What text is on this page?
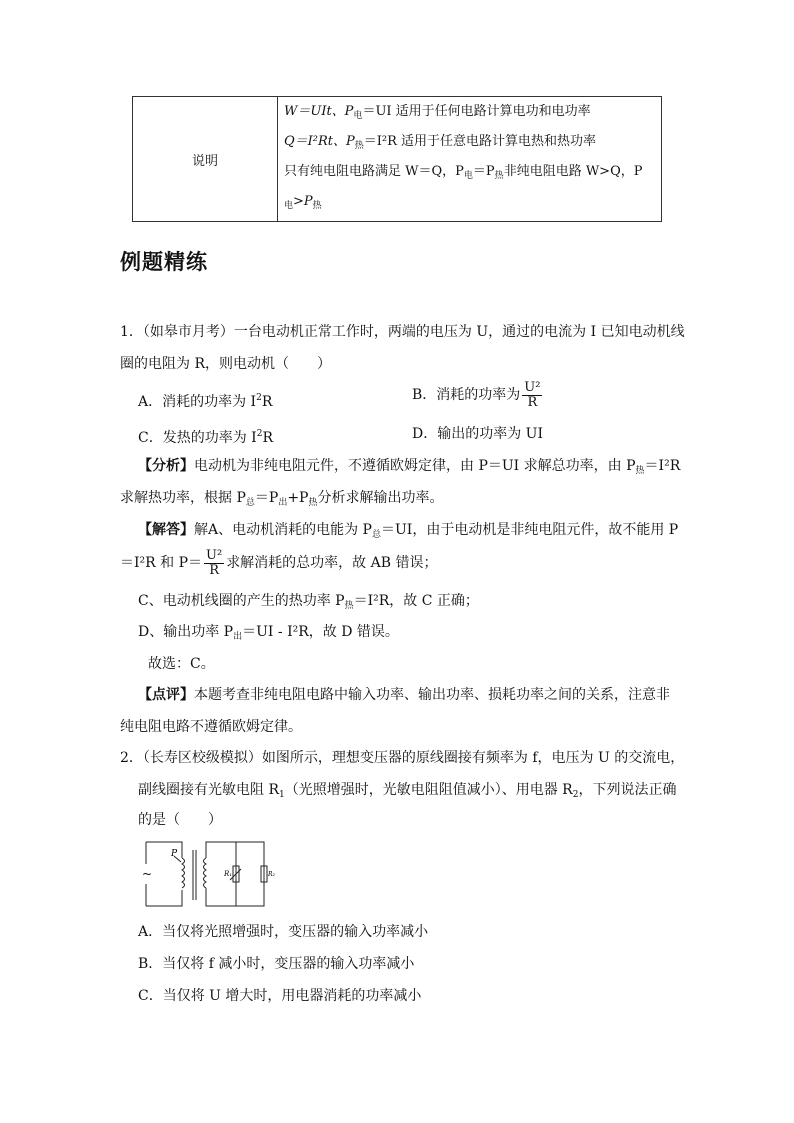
说明	
W＝UIt、$P_电=UI$ 适用于任何电路计算电功和电功率
Q＝I²Rt、$P_热=I^2R$ 适用于任意电路计算电热和热功率
只有纯电阻电路满足 W＝Q，$P_电=P_热$非纯电阻电路 W>Q，P
$_电>P_热$
例题精练
1．（如皋市月考）一台电动机正常工作时，两端的电压为 U，通过的电流为 I 已知电动机线
圈的电阻为 R，则电动机（　　）
A．消耗的功率为 $I^2R$	B．消耗的功率为 $\frac{\text{U²}}{R}$
C．发热的功率为 $I^2R$	D．输出的功率为 UI
【分析】电动机为非纯电阻元件，不遵循欧姆定律，由 P＝UI 求解总功率，由 $P_热=I^2R$
求解热功率，根据 $P_总=P_出+P_热$分析求解输出功率。
【解答】解A、电动机消耗的电能为 $P_总=UI$，由于电动机是非纯电阻元件，故不能用 P
＝I²R 和 $P= \frac{\text{U²}}{R}$ 求解消耗的总功率，故 AB 错误；
C、电动机线圈的产生的热功率 $P_热=I^2R$，故 C 正确；
D、输出功率 $P_出=UI - I^2R$，故 D 错误。
故选：C。
【点评】本题考查非纯电阻电路中输入功率、输出功率、损耗功率之间的关系，注意非
纯电阻电路不遵循欧姆定律。
2．（长寿区校级模拟）如图所示，理想变压器的原线圈接有频率为 f，电压为 U 的交流电，
副线圈接有光敏电阻 $R_1$（光照增强时，光敏电阻阻值减小）、用电器 $R_2$，下列说法正确
的是（　　）
~
P
R₁	R₂
A．当仅将光照增强时，变压器的输入功率减小
B．当仅将 f 减小时，变压器的输入功率减小
C．当仅将 U 增大时，用电器消耗的功率减小
